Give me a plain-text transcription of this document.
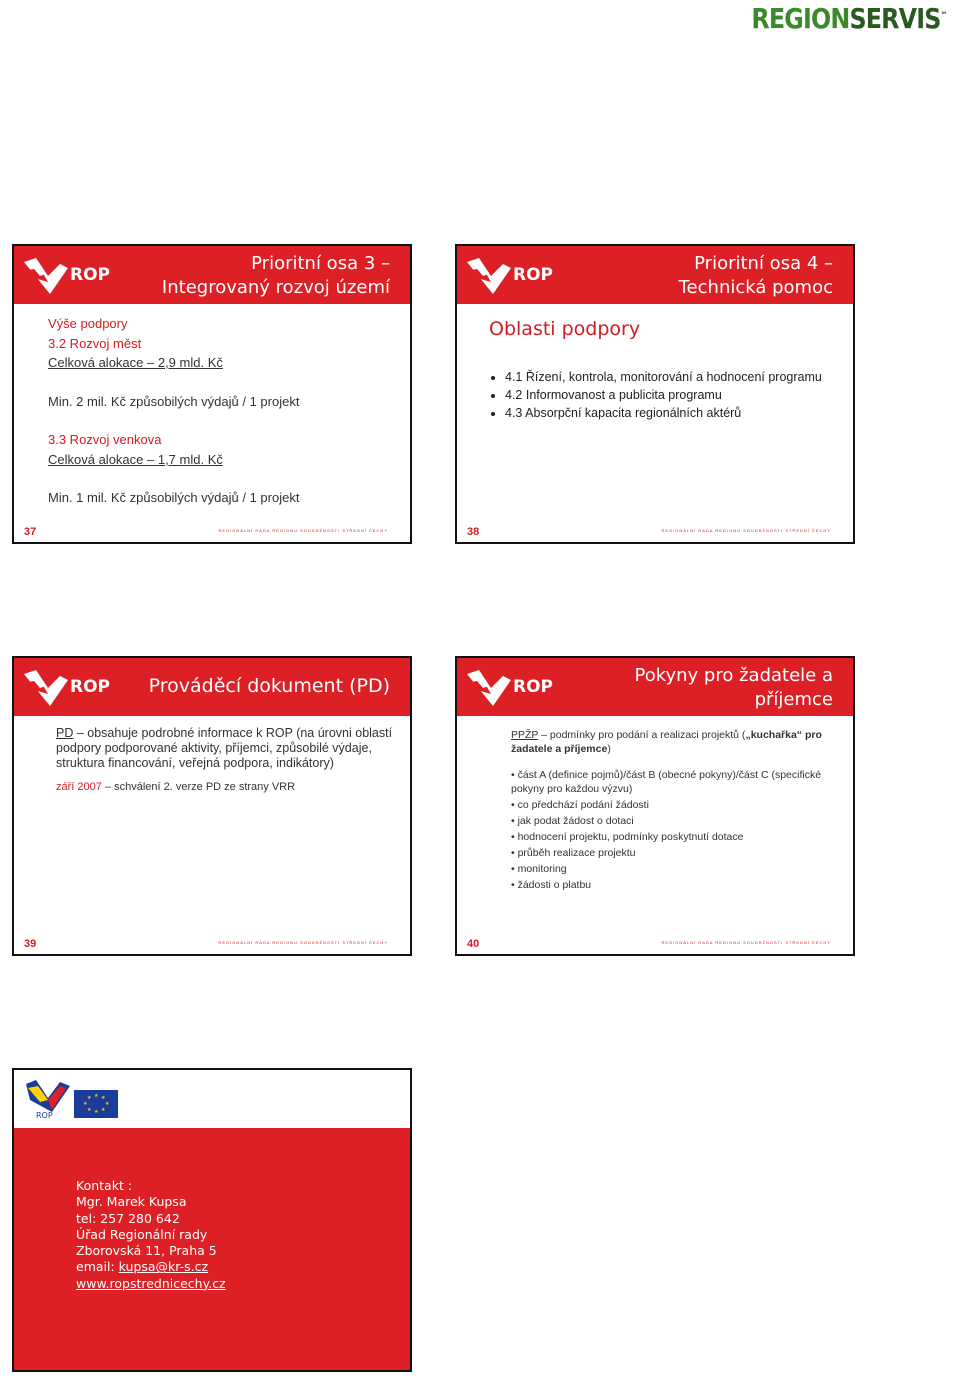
REGIONSERVIS™
ROP
Prioritní osa 3 –
Integrovaný rozvoj území
Výše podpory
3.2 Rozvoj měst
Celková alokace – 2,9 mld. Kč
Min. 2 mil. Kč způsobilých výdajů / 1 projekt
3.3 Rozvoj venkova
Celková alokace – 1,7 mld. Kč
Min. 1 mil. Kč způsobilých výdajů / 1 projekt
37	REGIONÁLNÍ RADA REGIONU SOUDRŽNOSTI STŘEDNÍ ČECHY
ROP
Prioritní osa 4 –
Technická pomoc
Oblasti podpory
• 4.1 Řízení, kontrola, monitorování a hodnocení programu
• 4.2 Informovanost a publicita programu
• 4.3 Absorpční kapacita regionálních aktérů
38	REGIONÁLNÍ RADA REGIONU SOUDRŽNOSTI STŘEDNÍ ČECHY
ROP Prováděcí dokument (PD)
PD – obsahuje podrobné informace k ROP (na úrovni oblastí podpory podporované aktivity, příjemci, způsobilé výdaje, struktura financování, veřejná podpora, indikátory)
září 2007 – schválení 2. verze PD ze strany VRR
39	REGIONÁLNÍ RADA REGIONU SOUDRŽNOSTI STŘEDNÍ ČECHY
ROP
Pokyny pro žadatele a
příjemce
PPŽP – podmínky pro podání a realizaci projektů („kuchařka“ pro žadatele a příjemce)
• část A (definice pojmů)/část B (obecné pokyny)/část C (specifické pokyny pro každou výzvu)
• co předchází podání žádosti
• jak podat žádost o dotaci
• hodnocení projektu, podmínky poskytnutí dotace
• průběh realizace projektu
• monitoring
• žádosti o platbu
40	REGIONÁLNÍ RADA REGIONU SOUDRŽNOSTI STŘEDNÍ ČECHY
ROP
★ ★
★
★
★
★
★
★
Kontakt :
Mgr. Marek Kupsa
tel: 257 280 642
Úřad Regionální rady
Zborovská 11, Praha 5
email: kupsa@kr-s.cz
www.ropstrednicechy.cz
